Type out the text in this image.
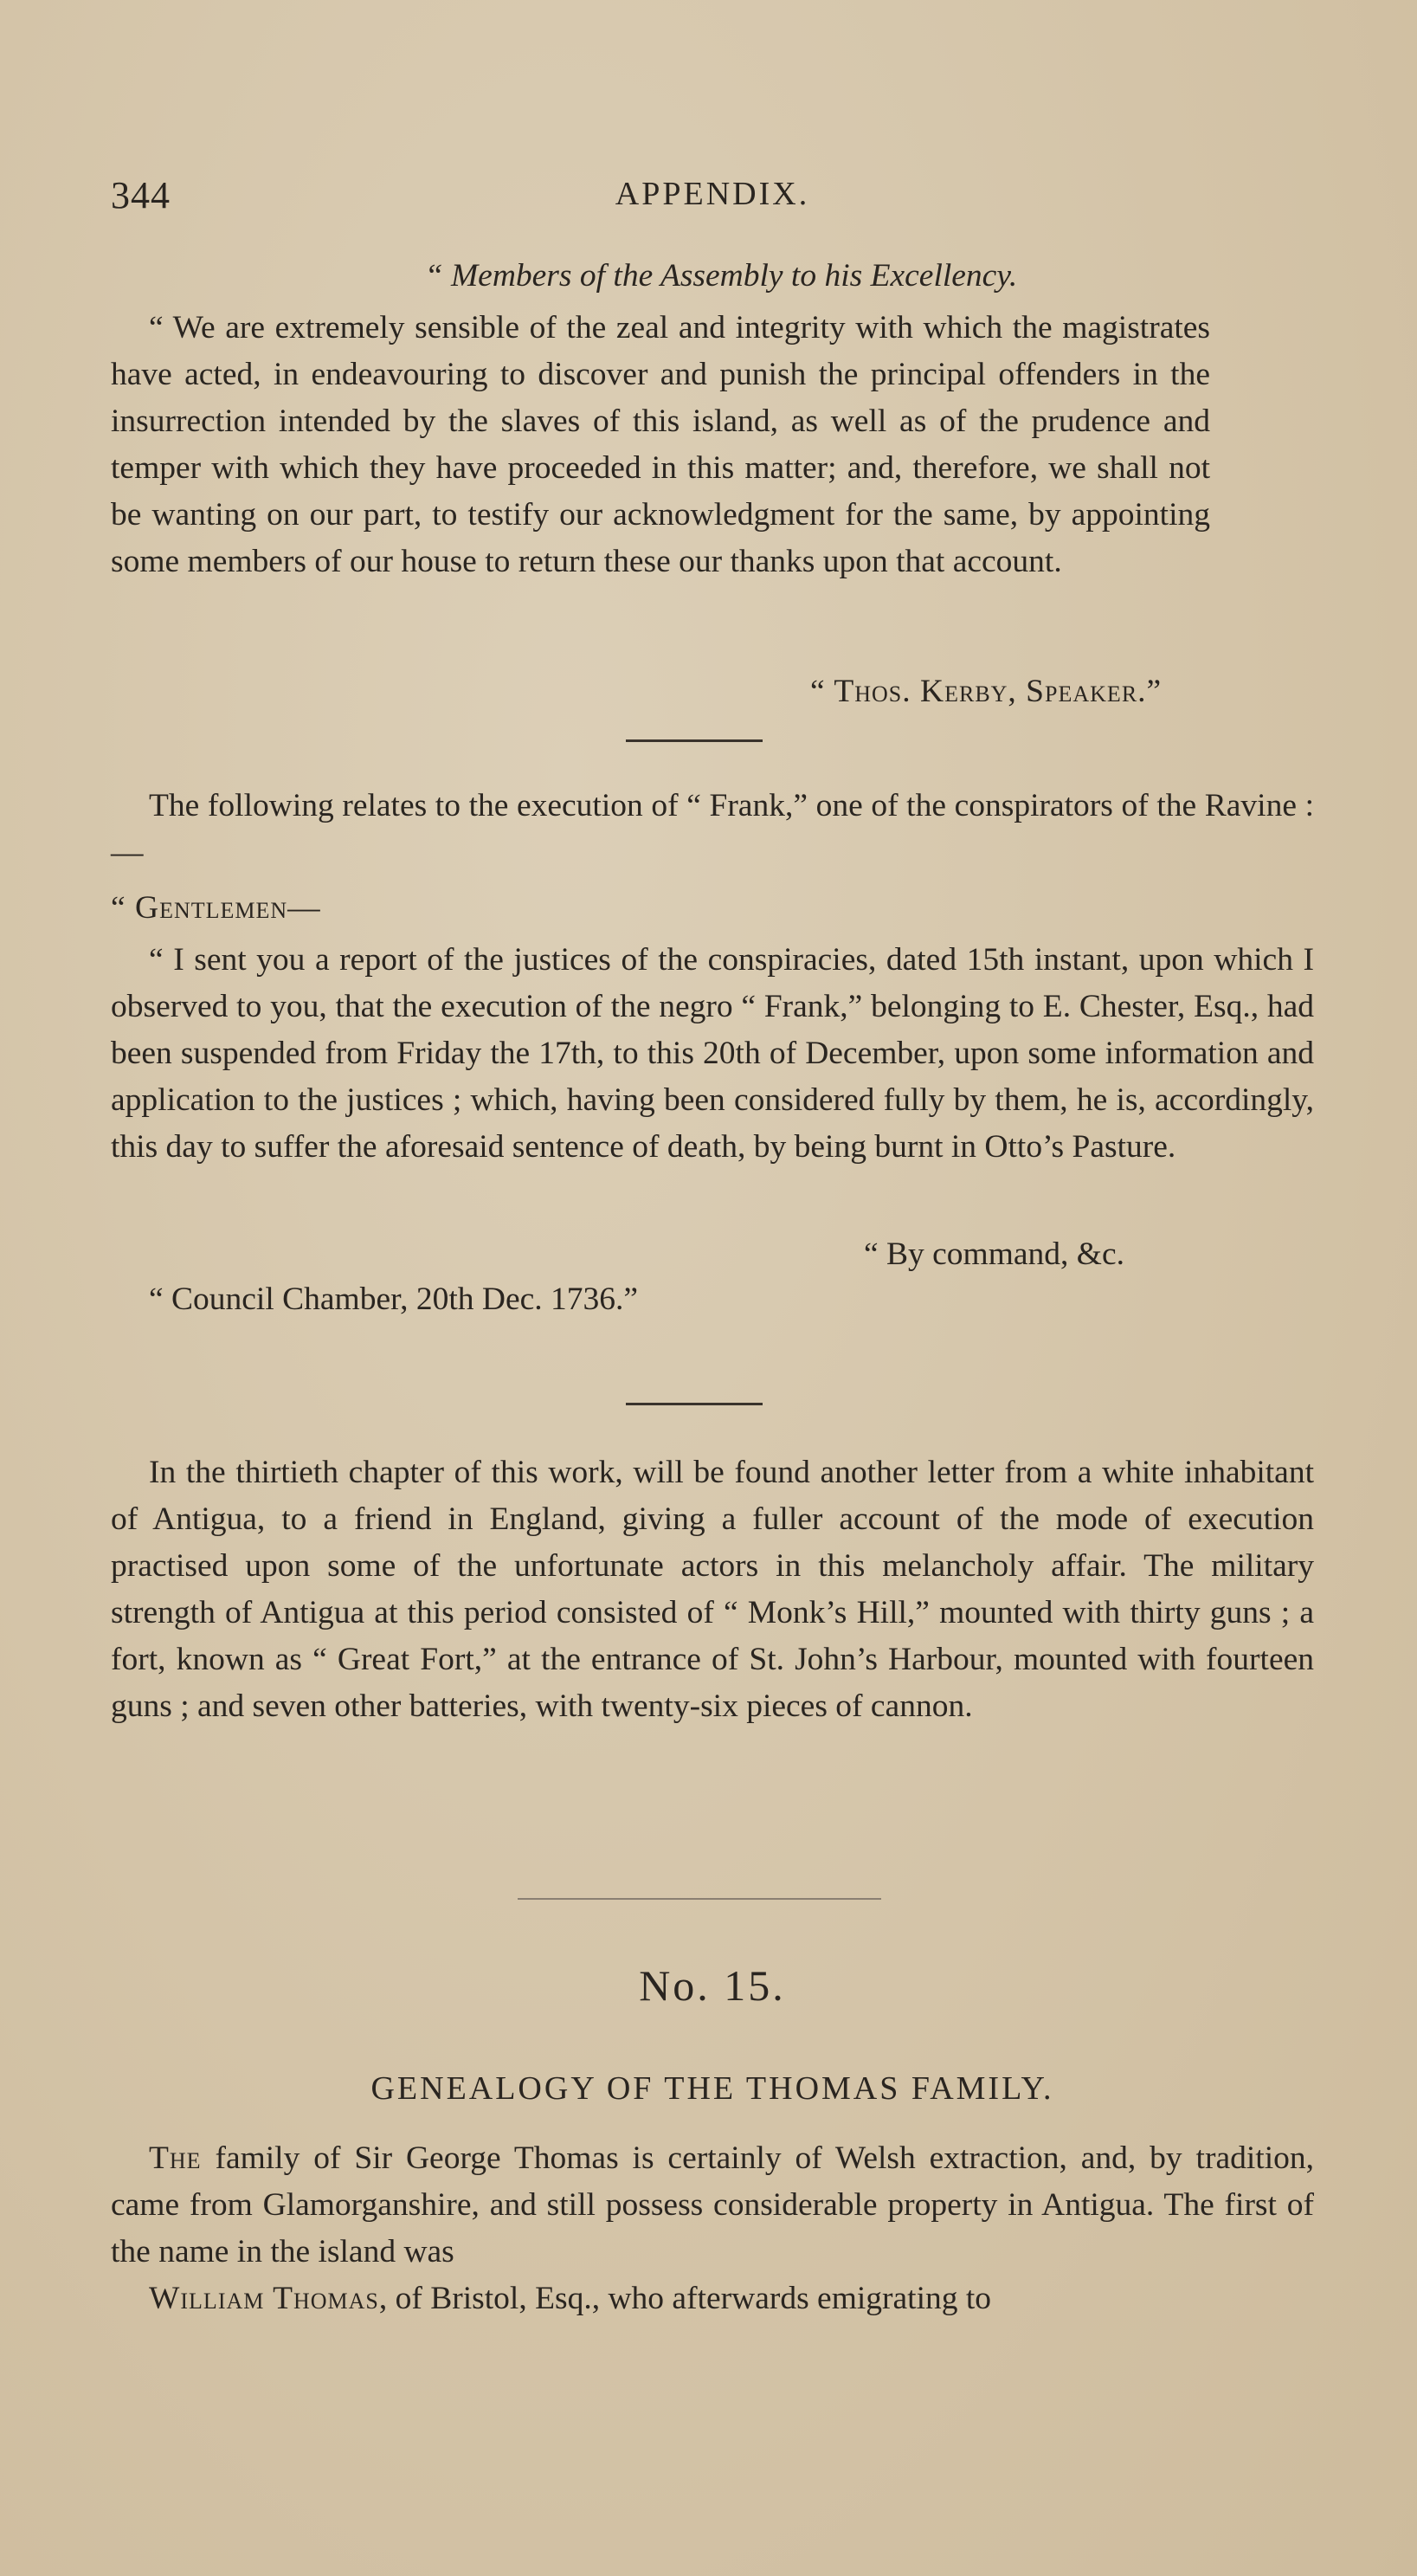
344	APPENDIX.

“ Members of the Assembly to his Excellency.

“ We are extremely sensible of the zeal and integrity with which the magistrates have acted, in endeavouring to discover and punish the principal offenders in the insurrection intended by the slaves of this island, as well as of the prudence and temper with which they have proceeded in this matter; and, therefore, we shall not be wanting on our part, to testify our acknowledgment for the same, by appointing some members of our house to return these our thanks upon that account.

“ Thos. Kerby, Speaker.”

The following relates to the execution of “ Frank,” one of the conspirators of the Ravine :—

“ Gentlemen—

“ I sent you a report of the justices of the conspiracies, dated 15th instant, upon which I observed to you, that the execution of the negro “ Frank,” belonging to E. Chester, Esq., had been suspended from Friday the 17th, to this 20th of December, upon some information and application to the justices ; which, having been considered fully by them, he is, accordingly, this day to suffer the aforesaid sentence of death, by being burnt in Otto’s Pasture.

“ By command, &c.
“ Council Chamber, 20th Dec. 1736.”

In the thirtieth chapter of this work, will be found another letter from a white inhabitant of Antigua, to a friend in England, giving a fuller account of the mode of execution practised upon some of the unfortunate actors in this melancholy affair. The military strength of Antigua at this period consisted of “ Monk’s Hill,” mounted with thirty guns ; a fort, known as “ Great Fort,” at the entrance of St. John’s Harbour, mounted with fourteen guns ; and seven other batteries, with twenty-six pieces of cannon.

No. 15.
GENEALOGY OF THE THOMAS FAMILY.

The family of Sir George Thomas is certainly of Welsh extraction, and, by tradition, came from Glamorganshire, and still possess considerable property in Antigua. The first of the name in the island was

William Thomas, of Bristol, Esq., who afterwards emigrating to
